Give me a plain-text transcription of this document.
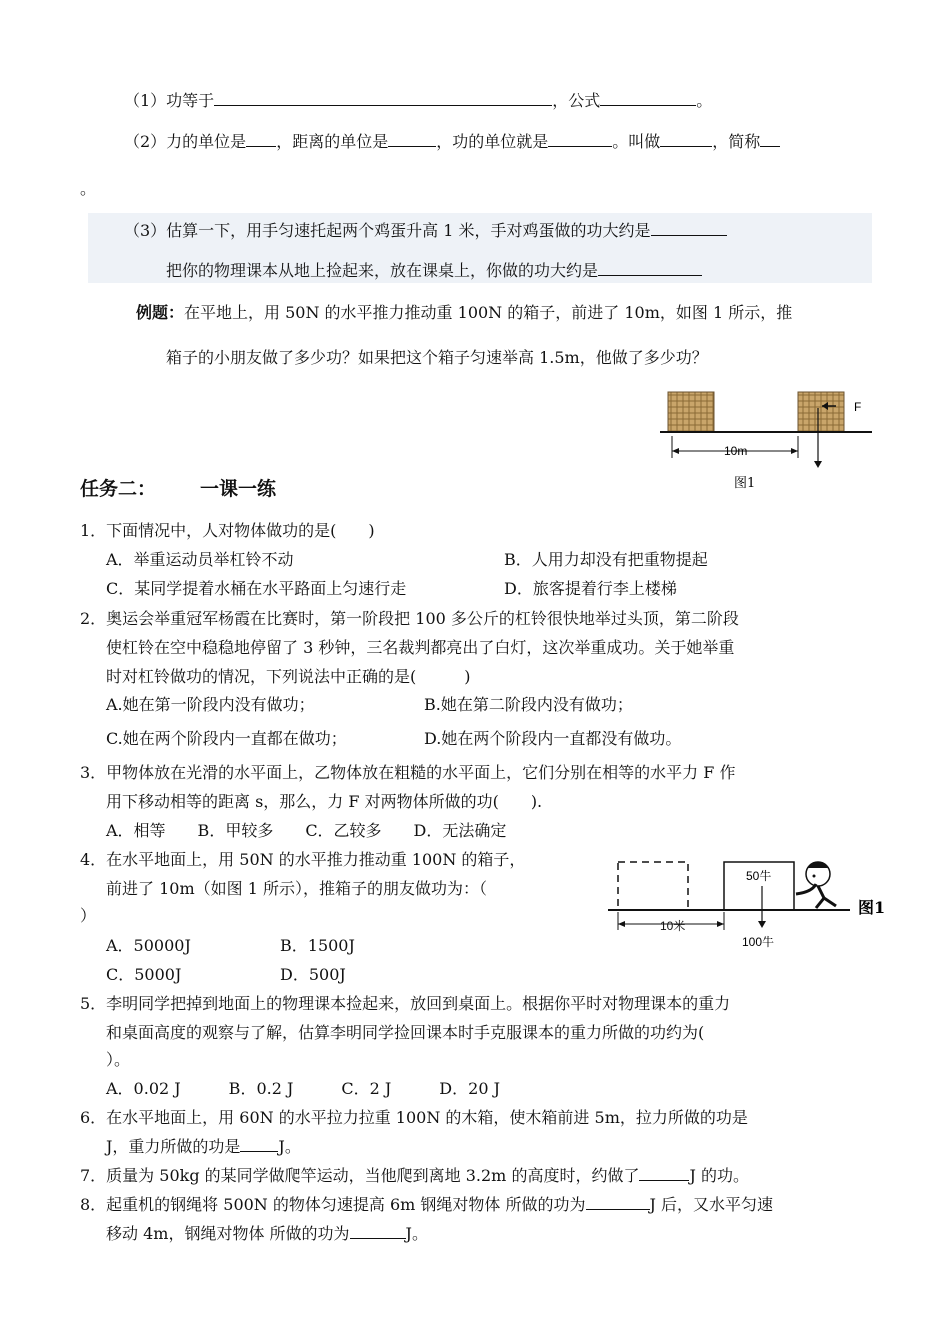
（1）功等于	，公式	。
（2）力的单位是 ，距离的单位是	，功的单位就是	。叫做	，简称
。
（3）估算一下，用手匀速托起两个鸡蛋升高 1 米，手对鸡蛋做的功大约是
把你的物理课本从地上捡起来，放在课桌上，你做的功大约是
例题：在平地上，用 50N 的水平推力推动重 100N 的箱子，前进了 10m，如图 1 所示，推
箱子的小朋友做了多少功？如果把这个箱子匀速举高 1.5m，他做了多少功？
F
10m
图1
任务二： 一课一练
1．下面情况中，人对物体做功的是(　　)
A．举重运动员举杠铃不动	B．人用力却没有把重物提起
C．某同学提着水桶在水平路面上匀速行走	D．旅客提着行李上楼梯
2．奥运会举重冠军杨霞在比赛时，第一阶段把 100 多公斤的杠铃很快地举过头顶，第二阶段
使杠铃在空中稳稳地停留了 3 秒钟，三名裁判都亮出了白灯，这次举重成功。关于她举重
时对杠铃做功的情况，下列说法中正确的是(　　　)
A.她在第一阶段内没有做功；	B.她在第二阶段内没有做功；
C.她在两个阶段内一直都在做功；	D.她在两个阶段内一直都没有做功。
3．甲物体放在光滑的水平面上，乙物体放在粗糙的水平面上，它们分别在相等的水平力 F 作
用下移动相等的距离 s，那么，力 F 对两物体所做的功(　　).
A．相等　　B．甲较多　　C．乙较多　　D．无法确定
4．在水平地面上，用 50N 的水平推力推动重 100N 的箱子，
前进了 10m（如图 1 所示），推箱子的朋友做功为：（
）
A．50000J	B．1500J
C．5000J	D．500J
50牛
100牛
10米
图1
5．李明同学把掉到地面上的物理课本捡起来，放回到桌面上。根据你平时对物理课本的重力
和桌面高度的观察与了解，估算李明同学捡回课本时手克服课本的重力所做的功约为(
）。
A．0.02 J　　　B．0.2 J　　　C．2 J　　　D．20 J
6．在水平地面上，用 60N 的水平拉力拉重 100N 的木箱，使木箱前进 5m，拉力所做的功是
J，重力所做的功是 J。
7．质量为 50kg 的某同学做爬竿运动，当他爬到离地 3.2m 的高度时，约做了	J 的功。
8．起重机的钢绳将 500N 的物体匀速提高 6m 钢绳对物体 所做的功为	J 后，又水平匀速
移动 4m，钢绳对物体 所做的功为	J。
